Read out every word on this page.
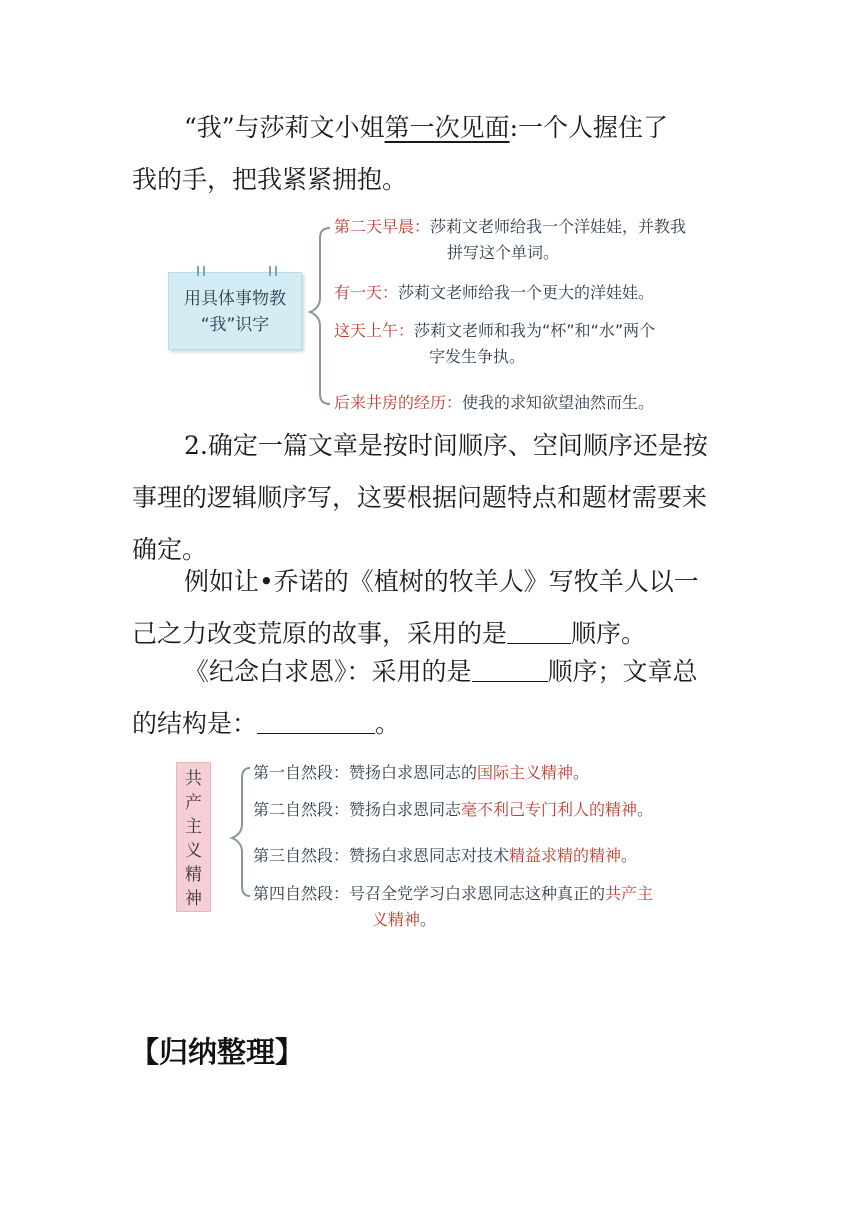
“我”与莎莉文小姐第一次见面:一个人握住了
我的手，把我紧紧拥抱。
用具体事物教
“我”识字
第二天早晨：莎莉文老师给我一个洋娃娃，并教我
拼写这个单词。
有一天：莎莉文老师给我一个更大的洋娃娃。
这天上午：莎莉文老师和我为“杯”和“水”两个
字发生争执。
后来井房的经历：使我的求知欲望油然而生。
2.确定一篇文章是按时间顺序、空间顺序还是按
事理的逻辑顺序写，这要根据问题特点和题材需要来
确定。
例如让•乔诺的《植树的牧羊人》写牧羊人以一
己之力改变荒原的故事，采用的是	顺序。
《纪念白求恩》：采用的是	顺序；文章总
的结构是：	。
共
产
主
义
精
神
第一自然段：赞扬白求恩同志的国际主义精神。
第二自然段：赞扬白求恩同志毫不利己专门利人的精神。
第三自然段：赞扬白求恩同志对技术精益求精的精神。
第四自然段：号召全党学习白求恩同志这种真正的共产主
义精神。
【归纳整理】
